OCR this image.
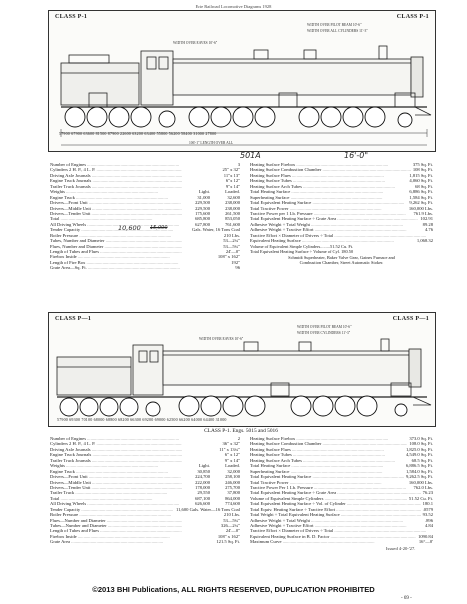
Erie Railroad Locomotive Diagrams 1928
CLASS P-1	CLASS P-1
WIDTH OVER PILOT BEAM 10'-6"
WIDTH OVER ALL CYLINDERS 11'-3"
WIDTH OVER EAVES 10'-6"
57900 67900 63600 81500 87900 22600 63200 63400 55800 56200 58400 31000 27800
106'-1" LENGTH OVER ALL
501A	16'-0"
Number of Engines .....	3
Cylinders 2 H. P., 4 L. P. .....	25" x 32"
Driving Axle Journals .....	11"x 13"
Engine Truck Journals .....	6"x 12"
Trailer Truck Journals .....	9"x 14"
Weights .....	Light.	Loaded.
Engine Truck .....	31,000	32,600
Drivers—Front Unit .....	229,500	238,000
Drivers—Middle Unit .....	229,500	238,000
Drivers—Tender Unit .....	175,600	261,500
Total .....	685,800	853,050
All Driving Wheels .....	627,800	761,600
Tender Capacity .....	Gals. Water, 16 Tons Coal
Boiler Pressure .....	210 Lbs.
Tubes, Number and Diameter .....	53—2¼"
Flues, Number and Diameter .....	53—5¾"
Length of Tubes and Flues .....	24'—0"
Firebox Inside .....	108" x 162"
Length of Fire Box .....	192"
Grate Area—Sq. Ft. .....	96
Heating Surface Firebox .....	375 Sq. Ft.
Heating Surface Combustion Chamber .....	108 Sq. Ft.
Heating Surface Flues .....	1,815 Sq. Ft.
Heating Surface Tubes .....	4,060 Sq. Ft.
Heating Surface Arch Tubes .....	68 Sq. Ft.
Total Heating Surface .....	6,886 Sq. Ft.
Superheating Surface .....	1,584 Sq. Ft.
Total Equivalent Heating Surface .....	9,262 Sq. Ft.
Total Tractive Power .....	160,000 Lbs.
Tractive Power per 1 Lb. Pressure .....	761.9 Lbs.
Total Equivalent Heating Surface ÷ Grate Area .....	102.91
Adhesive Weight ÷ Total Weight .....	89.28
Adhesive Weight ÷ Tractive Effort .....	4.76
Tractive Effort × Diameter of Drivers ÷ Total .....
Equivalent Heating Surface .....	1,068.32
10,600 15,000
Volume of Equivalent Simple Cylinders.........51.52 Cu. Ft.
Total Equivalent Heating Surface ÷ Volume of Cyl. 180.50
Schmidt Superheater, Baker Valve Gear, Gaines Furnace and
Combustion Chamber, Street Automatic Stoker.
CLASS P—1	CLASS P—1
WIDTH OVER PILOT BEAM 10'-6"
WIDTH OVER CYLINDERS 11'-3"
WIDTH OVER EAVES 10'-6"
57900 69300 70100 68000 68800 68200 66300 69200 69000 62500 66200 64000 64400 31000
CLASS P-1. Engs. 5015 and 5016
Number of Engines .....	2
Cylinders 2 H. P., 4 L. P. .....	36" x 32"
Driving Axle Journals .....	11" x 13¼"
Engine Truck Journals .....	6" x 12"
Trailer Truck Journals .....	9" x 14"
Weights .....	Light.	Loaded.
Engine Truck .....	30,850	32,000
Drivers—Front Unit .....	224,700	258,100
Drivers—Middle Unit .....	222,000	246,000
Drivers—Tender Unit .....	178,000	275,700
Trailer Truck .....	29,550	37,800
Total .....	687,100	864,000
All Driving Wheels .....	626,600	774,600
Tender Capacity .....	11,600 Gals. Water—16 Tons Coal
Boiler Pressure .....	210 Lbs.
Flues—Number and Diameter .....	53—5¾"
Tubes—Number and Diameter .....	326—2¼"
Length of Tubes and Flues .....	24'—0"
Firebox Inside .....	108" x 162"
Grate Area .....	121.5 Sq. Ft.
Heating Surface Firebox .....	373.0 Sq. Ft.
Heating Surface Combustion Chamber .....	108.0 Sq. Ft.
Heating Surface Flues .....	1,825.0 Sq. Ft.
Heating Surface Tubes .....	4,549.0 Sq. Ft.
Heating Surface Arch Tubes .....	68.5 Sq. Ft.
Total Heating Surface .....	6,886.5 Sq. Ft.
Superheating Surface .....	1,584.0 Sq. Ft.
Total Equivalent Heating Surface .....	9,262.5 Sq. Ft.
Total Tractive Power .....	160,000 Lbs.
Tractive Power Per 1 Lb. Pressure .....	762.0 Lbs.
Total Equivalent Heating Surface ÷ Grate Area .....	76.23
Volume of Equivalent Simple Cylinders .....	51.52 Cu. Ft.
Total Equivalent Heating Surface ÷ Vol. of Cylinder .....	180.1
Total Equiv. Heating Surface ÷ Tractive Effort .....	.0579
Total Weight ÷ Total Equivalent Heating Surface .....	93.52
Adhesive Weight ÷ Total Weight .....	.896
Adhesive Weight ÷ Tractive Effort .....	4.84
Tractive Effort × Diameter of Drivers ÷ Total .....
Equivalent Heating Surface in B. D. Factor .....	1090.84
Maximum Curve .....	16°—0'
Issued 4-20-'27.
©2013 BHI Publications, ALL RIGHTS RESERVED, DUPLICATION PROHIBITED
- 69 -
